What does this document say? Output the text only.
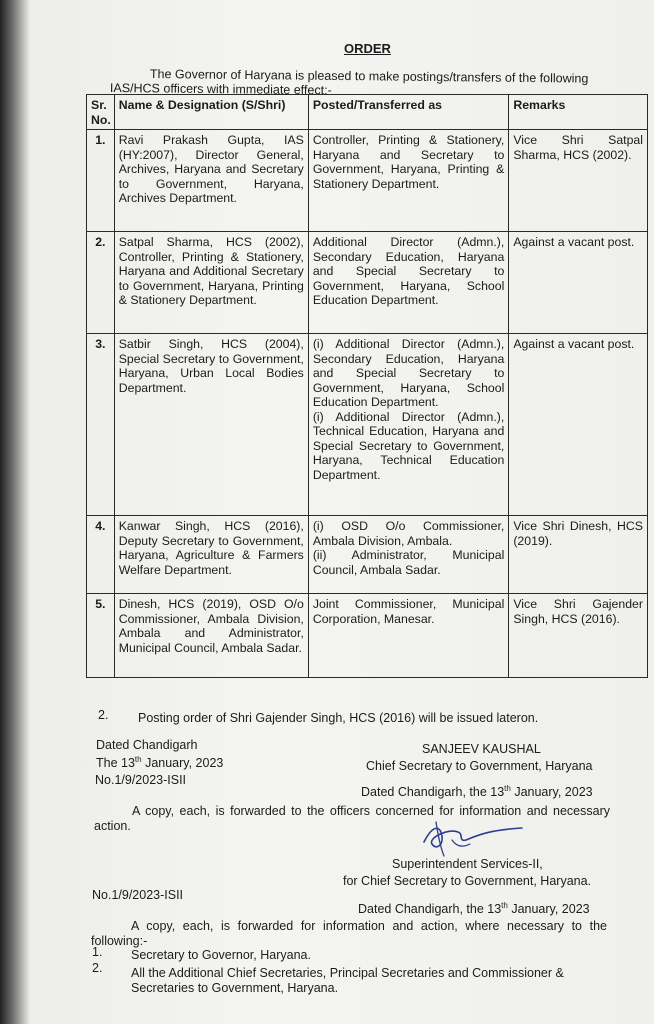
ORDER
The Governor of Haryana is pleased to make postings/transfers of the following
IAS/HCS officers with immediate effect:-
Sr. No.	Name & Designation (S/Shri)	Posted/Transferred as	Remarks
1.	Ravi Prakash Gupta, IAS (HY:2007), Director General, Archives, Haryana and Secretary to Government, Haryana, Archives Department.	Controller, Printing & Stationery, Haryana and Secretary to Government, Haryana, Printing & Stationery Department.	Vice Shri Satpal Sharma, HCS (2002).
2.	Satpal Sharma, HCS (2002), Controller, Printing & Stationery, Haryana and Additional Secretary to Government, Haryana, Printing & Stationery Department.	Additional Director (Admn.), Secondary Education, Haryana and Special Secretary to Government, Haryana, School Education Department.	Against a vacant post.
3.	Satbir Singh, HCS (2004), Special Secretary to Government, Haryana, Urban Local Bodies Department.	(i) Additional Director (Admn.), Secondary Education, Haryana and Special Secretary to Government, Haryana, School Education Department.
(i) Additional Director (Admn.), Technical Education, Haryana and Special Secretary to Government, Haryana, Technical Education Department.	Against a vacant post.
4.	Kanwar Singh, HCS (2016), Deputy Secretary to Government, Haryana, Agriculture & Farmers Welfare Department.	(i) OSD O/o Commissioner, Ambala Division, Ambala.
(ii) Administrator, Municipal Council, Ambala Sadar.	Vice Shri Dinesh, HCS (2019).
5.	Dinesh, HCS (2019), OSD O/o Commissioner, Ambala Division, Ambala and Administrator, Municipal Council, Ambala Sadar.	Joint Commissioner, Municipal Corporation, Manesar.	Vice Shri Gajender Singh, HCS (2016).
2. Posting order of Shri Gajender Singh, HCS (2016) will be issued lateron.
Dated Chandigarh
The 13th January, 2023
SANJEEV KAUSHAL
Chief Secretary to Government, Haryana
No.1/9/2023-ISII
Dated Chandigarh, the 13th January, 2023
A copy, each, is forwarded to the officers concerned for information and necessary action.
Superintendent Services-II,
for Chief Secretary to Government, Haryana.
No.1/9/2023-ISII
Dated Chandigarh, the 13th January, 2023
A copy, each, is forwarded for information and action, where necessary to the following:-
1. Secretary to Governor, Haryana.
2. All the Additional Chief Secretaries, Principal Secretaries and Commissioner & Secretaries to Government, Haryana.
